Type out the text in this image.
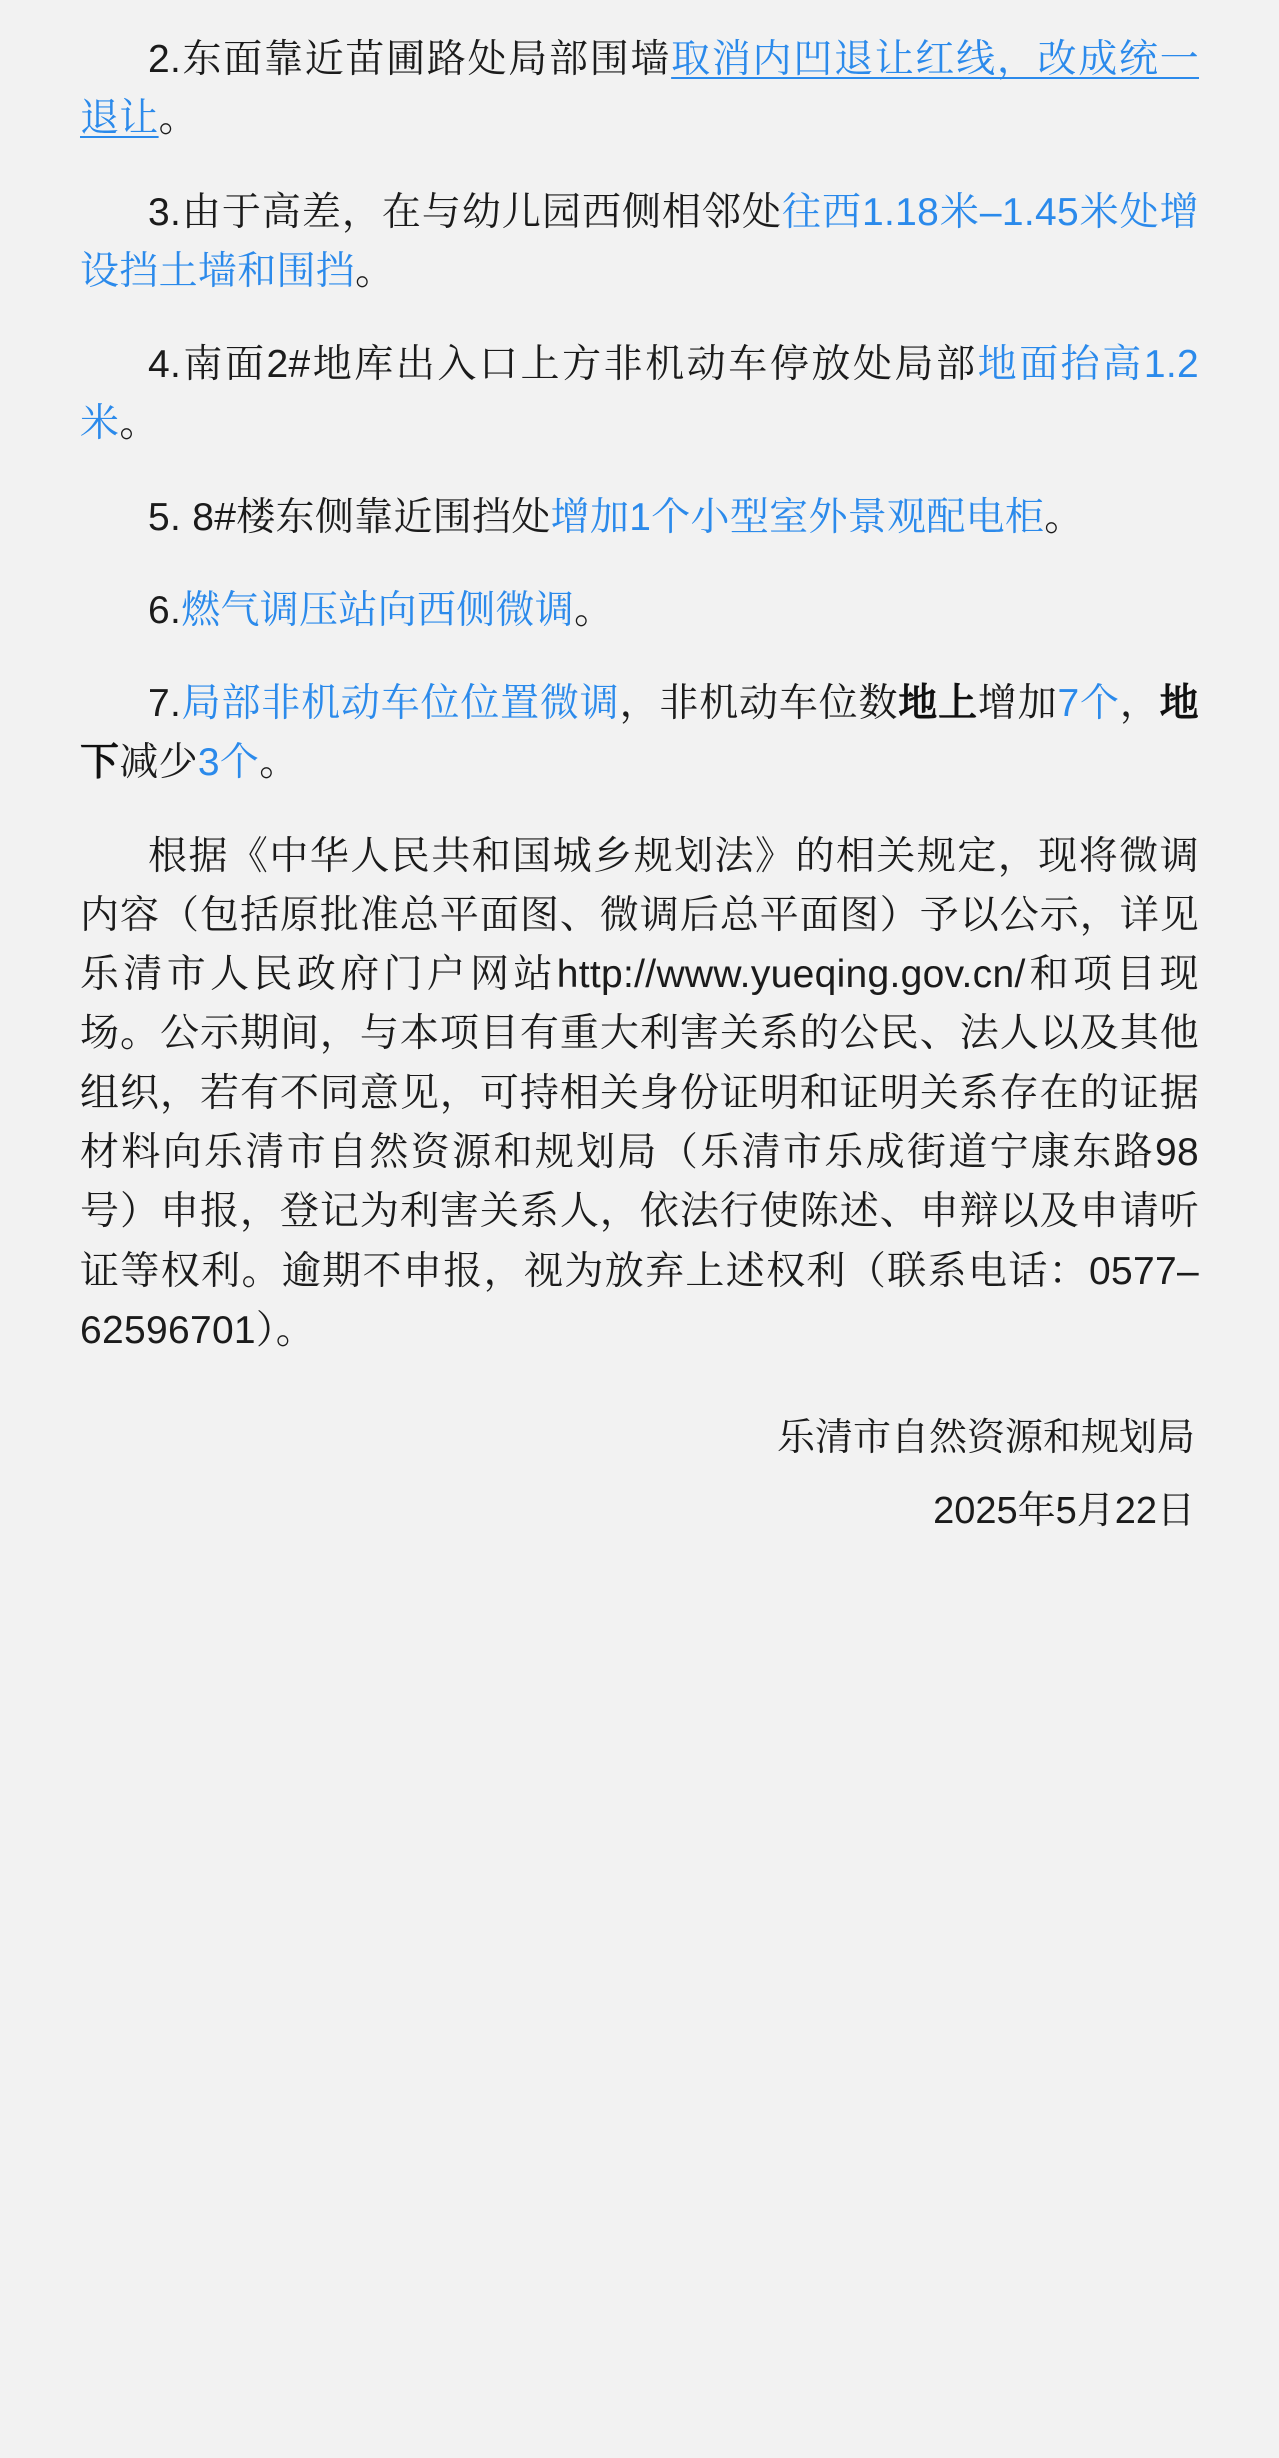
2.东面靠近苗圃路处局部围墙取消内凹退让红线，改成统一退让。

3.由于高差，在与幼儿园西侧相邻处往西1.18米–1.45米处增设挡土墙和围挡。

4.南面2#地库出入口上方非机动车停放处局部地面抬高1.2米。

5. 8#楼东侧靠近围挡处增加1个小型室外景观配电柜。

6.燃气调压站向西侧微调。

7.局部非机动车位位置微调，非机动车位数地上增加7个，地下减少3个。

根据《中华人民共和国城乡规划法》的相关规定，现将微调内容（包括原批准总平面图、微调后总平面图）予以公示，详见乐清市人民政府门户网站http://www.yueqing.gov.cn/和项目现场。公示期间，与本项目有重大利害关系的公民、法人以及其他组织，若有不同意见，可持相关身份证明和证明关系存在的证据材料向乐清市自然资源和规划局（乐清市乐成街道宁康东路98号）申报，登记为利害关系人，依法行使陈述、申辩以及申请听证等权利。逾期不申报，视为放弃上述权利（联系电话：0577–62596701）。

乐清市自然资源和规划局
2025年5月22日
